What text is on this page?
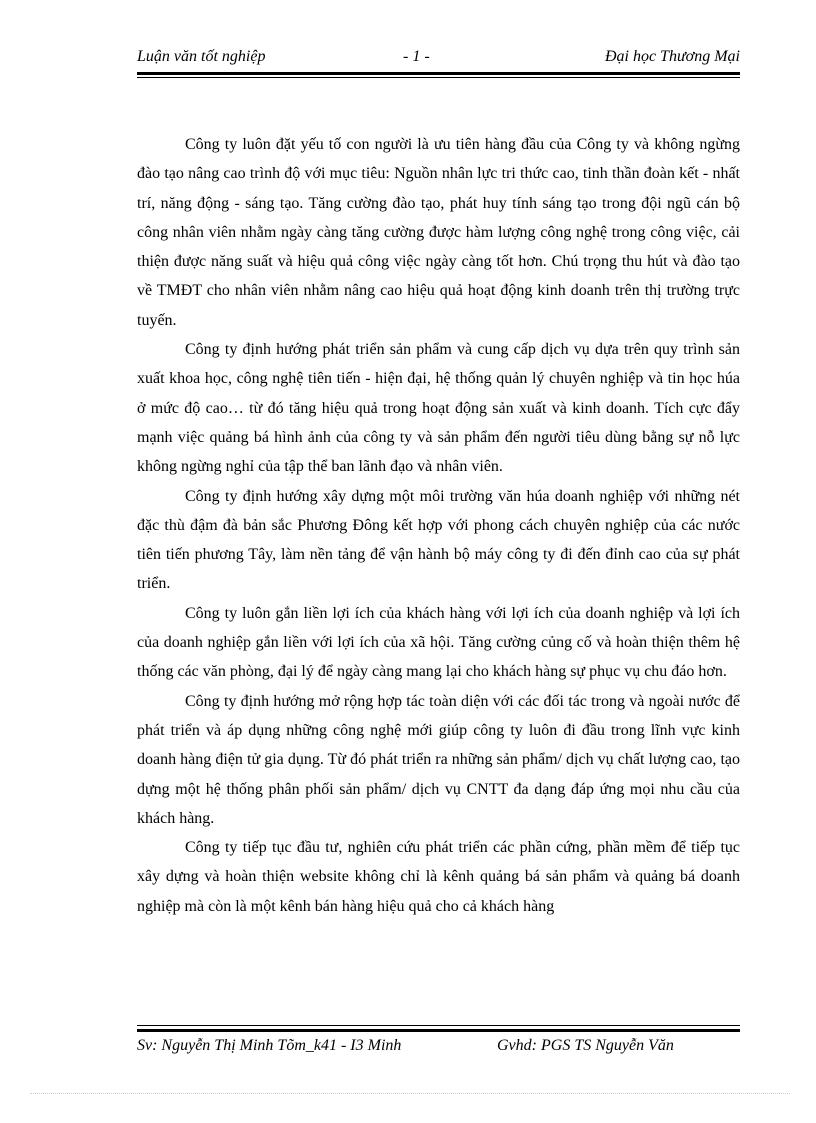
Luận văn tốt nghiệp	- 1 -	Đại học Thương Mại

Công ty luôn đặt yếu tố con người là ưu tiên hàng đầu của Công ty và không ngừng đào tạo nâng cao trình độ với mục tiêu: Nguồn nhân lực tri thức cao, tinh thần đoàn kết - nhất trí, năng động - sáng tạo. Tăng cường đào tạo, phát huy tính sáng tạo trong đội ngũ cán bộ công nhân viên nhằm ngày càng tăng cường được hàm lượng công nghệ trong công việc, cải thiện được năng suất và hiệu quả công việc ngày càng tốt hơn. Chú trọng thu hút và đào tạo về TMĐT cho nhân viên nhằm nâng cao hiệu quả hoạt động kinh doanh trên thị trường trực tuyến.

Công ty định hướng phát triển sản phẩm và cung cấp dịch vụ dựa trên quy trình sản xuất khoa học, công nghệ tiên tiến - hiện đại, hệ thống quản lý chuyên nghiệp và tin học húa ở mức độ cao… từ đó tăng hiệu quả trong hoạt động sản xuất và kinh doanh. Tích cực đẩy mạnh việc quảng bá hình ảnh của công ty và sản phẩm đến người tiêu dùng bằng sự nỗ lực không ngừng nghỉ của tập thể ban lãnh đạo và nhân viên.

Công ty định hướng xây dựng một môi trường văn húa doanh nghiệp với những nét đặc thù đậm đà bản sắc Phương Đông kết hợp với phong cách chuyên nghiệp của các nước tiên tiến phương Tây, làm nền tảng để vận hành bộ máy công ty đi đến đỉnh cao của sự phát triển.

Công ty luôn gắn liền lợi ích của khách hàng với lợi ích của doanh nghiệp và lợi ích của doanh nghiệp gắn liền với lợi ích của xã hội. Tăng cường củng cố và hoàn thiện thêm hệ thống các văn phòng, đại lý để ngày càng mang lại cho khách hàng sự phục vụ chu đáo hơn.

Công ty định hướng mở rộng hợp tác toàn diện với các đối tác trong và ngoài nước để phát triển và áp dụng những công nghệ mới giúp công ty luôn đi đầu trong lĩnh vực kinh doanh hàng điện tử gia dụng. Từ đó phát triển ra những sản phẩm/ dịch vụ chất lượng cao, tạo dựng một hệ thống phân phối sản phẩm/ dịch vụ CNTT đa dạng đáp ứng mọi nhu cầu của khách hàng.

Công ty tiếp tục đầu tư, nghiên cứu phát triển các phần cứng, phần mềm để tiếp tục xây dựng và hoàn thiện website không chỉ là kênh quảng bá sản phẩm và quảng bá doanh nghiệp mà còn là một kênh bán hàng hiệu quả cho cả khách hàng

Sv: Nguyễn Thị Minh Tõm_k41 - I3 Minh	Gvhd: PGS TS Nguyễn Văn
